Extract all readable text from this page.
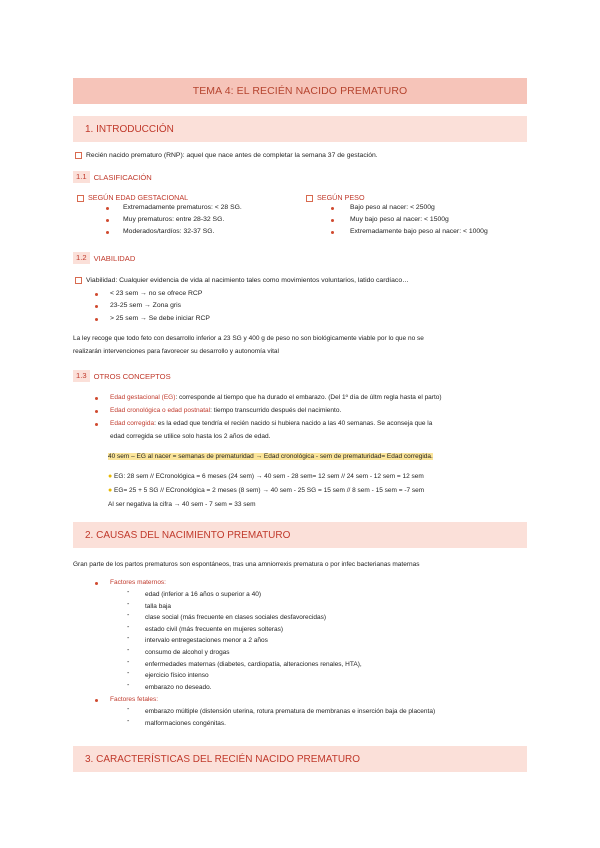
TEMA 4: EL RECIÉN NACIDO PREMATURO
1. INTRODUCCIÓN
Recién nacido prematuro (RNP): aquel que nace antes de completar la semana 37 de gestación.
1.1 CLASIFICACIÓN
SEGÚN EDAD GESTACIONAL
Extremadamente prematuros: < 28 SG.
Muy prematuros: entre 28-32 SG.
Moderados/tardíos: 32-37 SG.
SEGÚN PESO
Bajo peso al nacer: < 2500g
Muy bajo peso al nacer: < 1500g
Extremadamente bajo peso al nacer: < 1000g
1.2 VIABILIDAD
Viabilidad: Cualquier evidencia de vida al nacimiento tales como movimientos voluntarios, latido cardíaco…
< 23 sem → no se ofrece RCP
23-25 sem → Zona gris
> 25 sem → Se debe iniciar RCP
La ley recoge que todo feto con desarrollo inferior a 23 SG y 400 g de peso no son biológicamente viable por lo que no se
realizarán intervenciones para favorecer su desarrollo y autonomía vital
1.3 OTROS CONCEPTOS
Edad gestacional (EG): corresponde al tiempo que ha durado el embarazo. (Del 1º día de últm regla hasta el parto)
Edad cronológica o edad postnatal: tiempo transcurrido después del nacimiento.
Edad corregida: es la edad que tendría el recién nacido si hubiera nacido a las 40 semanas. Se aconseja que la
edad corregida se utilice solo hasta los 2 años de edad.
40 sem – EG al nacer = semanas de prematuridad → Edad cronológica - sem de prematuridad= Edad corregida.
● EG: 28 sem // ECronológica = 6 meses (24 sem) → 40 sem - 28 sem= 12 sem // 24 sem - 12 sem = 12 sem
● EG= 25 + 5 SG // ECronológica = 2 meses (8 sem) → 40 sem - 25 SG = 15 sem // 8 sem - 15 sem = -7 sem
Al ser negativa la cifra → 40 sem - 7 sem = 33 sem
2. CAUSAS DEL NACIMIENTO PREMATURO
Gran parte de los partos prematuros son espontáneos, tras una amniorrexis prematura o por infec bacterianas maternas
Factores maternos:
- edad (inferior a 16 años o superior a 40)
- talla baja
- clase social (más frecuente en clases sociales desfavorecidas)
- estado civil (más frecuente en mujeres solteras)
- intervalo entregestaciones menor a 2 años
- consumo de alcohol y drogas
- enfermedades maternas (diabetes, cardiopatía, alteraciones renales, HTA),
- ejercicio físico intenso
- embarazo no deseado.
Factores fetales:
- embarazo múltiple (distensión uterina, rotura prematura de membranas e inserción baja de placenta)
- malformaciones congénitas.
3. CARACTERÍSTICAS DEL RECIÉN NACIDO PREMATURO
